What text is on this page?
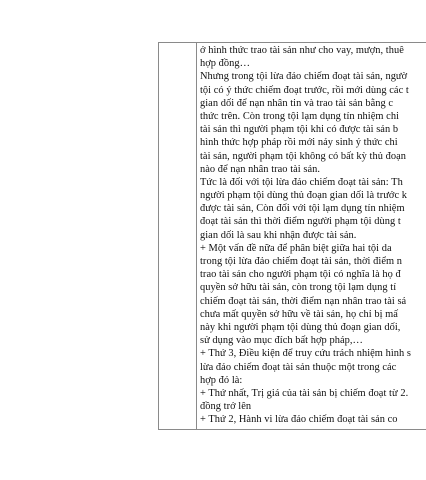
ở hình thức trao tài sản như cho vay, mượn, thuê
hợp đồng…
Nhưng trong tội lừa đảo chiếm đoạt tài sản, ngườ
tội có ý thức chiếm đoạt trước, rồi mới dùng các t
gian dối để nạn nhân tin và trao tài sản bằng c
thức trên. Còn trong tội lạm dụng tín nhiệm chi
tài sản thì người phạm tội khi có được tài sản b
hình thức hợp pháp rồi mới nảy sinh ý thức chi
tài sản, người phạm tội không có bất kỳ thủ đoạn
nào để nạn nhân trao tài sản.
Tức là đối với tội lừa đảo chiếm đoạt tài sản: Th
người phạm tội dùng thủ đoạn gian dối là trước k
được tài sản, Còn đối với tội lạm dụng tín nhiệm
đoạt tài sản thì thời điểm người phạm tội dùng t
gian dối là sau khi nhận được tài sản.
+ Một vấn đề nữa để phân biệt giữa hai tội da
trong tội lừa đảo chiếm đoạt tài sản, thời điểm n
trao tài sản cho người phạm tội có nghĩa là họ đ
quyền sở hữu tài sản, còn trong tội lạm dụng tí
chiếm đoạt tài sản, thời điểm nạn nhân trao tài sả
chưa mất quyền sở hữu về tài sản, họ chỉ bị mấ
này khi người phạm tội dùng thủ đoạn gian dối,
sử dụng vào mục đích bất hợp pháp,…
+ Thứ 3, Điều kiện để truy cứu trách nhiệm hình s
lừa đảo chiếm đoạt tài sản thuộc một trong các
hợp đó là:
+ Thứ nhất, Trị giá của tài sản bị chiếm đoạt từ 2.
đồng trở lên
+ Thứ 2, Hành vi lừa đảo chiếm đoạt tài sản co
